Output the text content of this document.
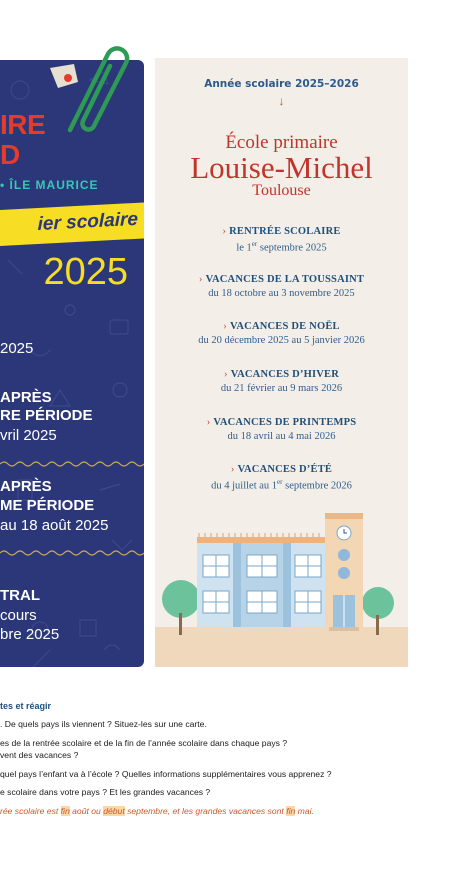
IRE
D
• ÎLE MAURICE
ier scolaire
2025
2025
APRÈS
RE PÉRIODE
vril 2025
APRÈS
ME PÉRIODE
au 18 août 2025
TRAL
cours
bre 2025
Année scolaire 2025–2026
↓
École primaire
Louise-Michel
Toulouse
› RENTRÉE SCOLAIRE
le 1er septembre 2025
› VACANCES DE LA TOUSSAINT
du 18 octobre au 3 novembre 2025
› VACANCES DE NOËL
du 20 décembre 2025 au 5 janvier 2026
› VACANCES D’HIVER
du 21 février au 9 mars 2026
› VACANCES DE PRINTEMPS
du 18 avril au 4 mai 2026
› VACANCES D’ÉTÉ
du 4 juillet au 1er septembre 2026
tes et réagir
. De quels pays ils viennent ? Situez-les sur une carte.
es de la rentrée scolaire et de la fin de l’année scolaire dans chaque pays ?
vent des vacances ?
quel pays l’enfant va à l’école ? Quelles informations supplémentaires vous apprenez ?
e scolaire dans votre pays ? Et les grandes vacances ?
rée scolaire est fin août ou début septembre, et les grandes vacances sont fin mai.
